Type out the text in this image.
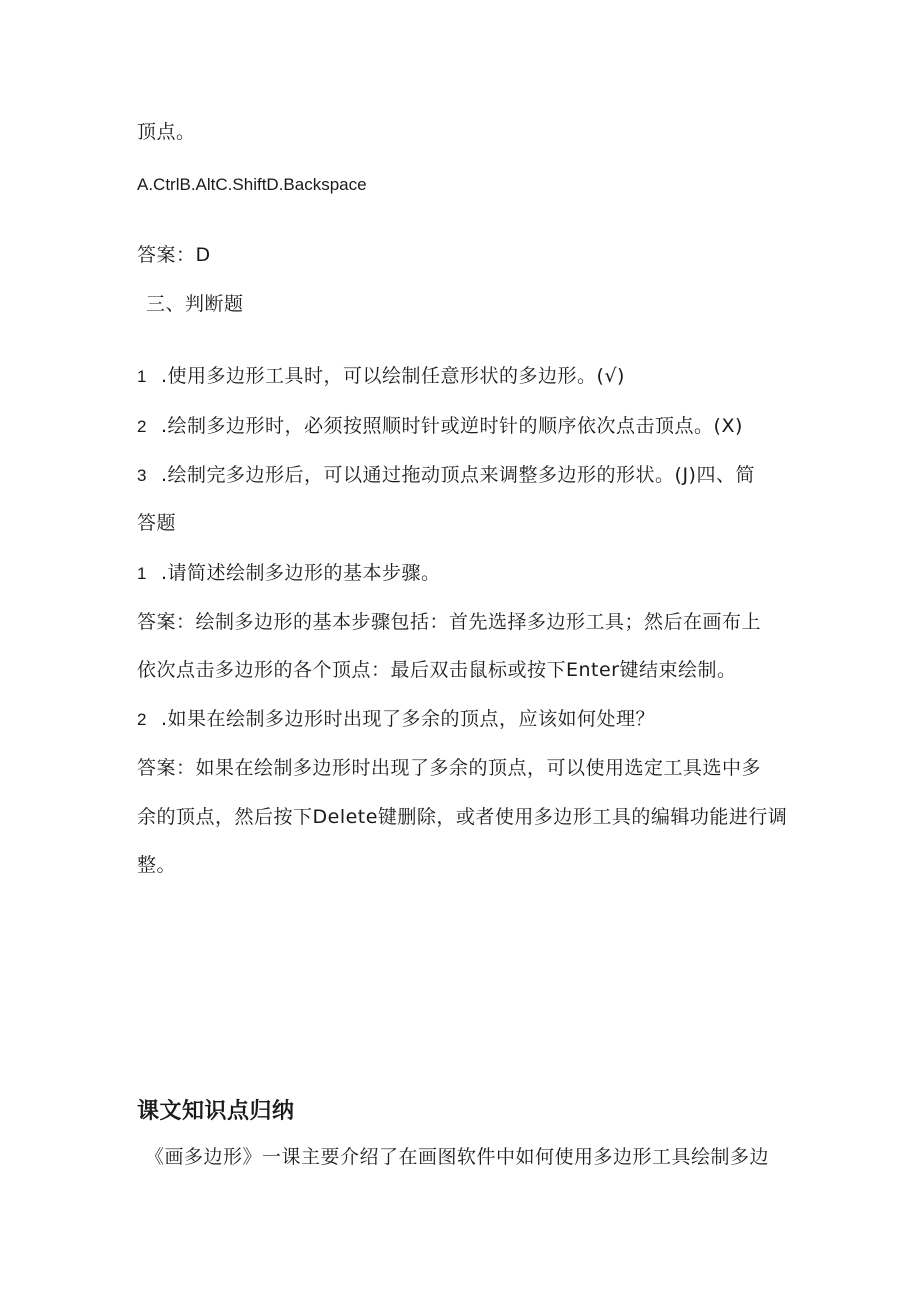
顶点。
A.CtrlB.AltC.ShiftD.Backspace
答案：D
三、判断题
1 .使用多边形工具时，可以绘制任意形状的多边形。(√)
2 .绘制多边形时，必须按照顺时针或逆时针的顺序依次点击顶点。(X)
3 .绘制完多边形后，可以通过拖动顶点来调整多边形的形状。(J)四、简
答题
1 .请简述绘制多边形的基本步骤。
答案：绘制多边形的基本步骤包括：首先选择多边形工具；然后在画布上
依次点击多边形的各个顶点：最后双击鼠标或按下Enter键结束绘制。
2 .如果在绘制多边形时出现了多余的顶点，应该如何处理？
答案：如果在绘制多边形时出现了多余的顶点，可以使用选定工具选中多
余的顶点，然后按下Delete键删除，或者使用多边形工具的编辑功能进行调
整。
课文知识点归纳
《画多边形》一课主要介绍了在画图软件中如何使用多边形工具绘制多边
